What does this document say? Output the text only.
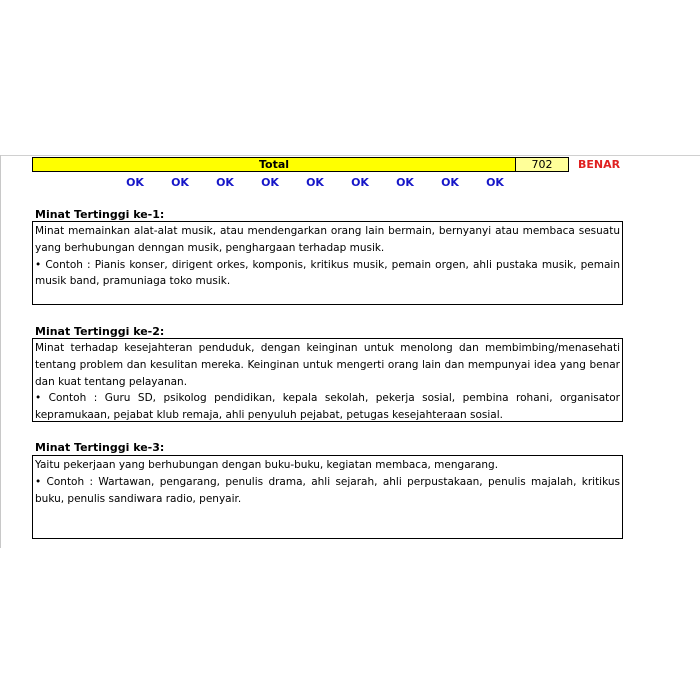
Total	702	BENAR
OK	OK	OK	OK	OK	OK	OK	OK	OK
Minat Tertinggi ke-1:

Minat memainkan alat-alat musik, atau mendengarkan orang lain bermain, bernyanyi atau membaca sesuatu yang berhubungan denngan musik, penghargaan terhadap musik.

• Contoh : Pianis konser, dirigent orkes, komponis, kritikus musik, pemain orgen, ahli pustaka musik, pemain musik band, pramuniaga toko musik.

Minat Tertinggi ke-2:

Minat terhadap kesejahteran penduduk, dengan keinginan untuk menolong dan membimbing/menasehati tentang problem dan kesulitan mereka. Keinginan untuk mengerti orang lain dan mempunyai idea yang benar dan kuat tentang pelayanan.

• Contoh : Guru SD, psikolog pendidikan, kepala sekolah, pekerja sosial, pembina rohani, organisator kepramukaan, pejabat klub remaja, ahli penyuluh pejabat, petugas kesejahteraan sosial.

Minat Tertinggi ke-3:

Yaitu pekerjaan yang berhubungan dengan buku-buku, kegiatan membaca, mengarang.

• Contoh : Wartawan, pengarang, penulis drama, ahli sejarah, ahli perpustakaan, penulis majalah, kritikus buku, penulis sandiwara radio, penyair.
